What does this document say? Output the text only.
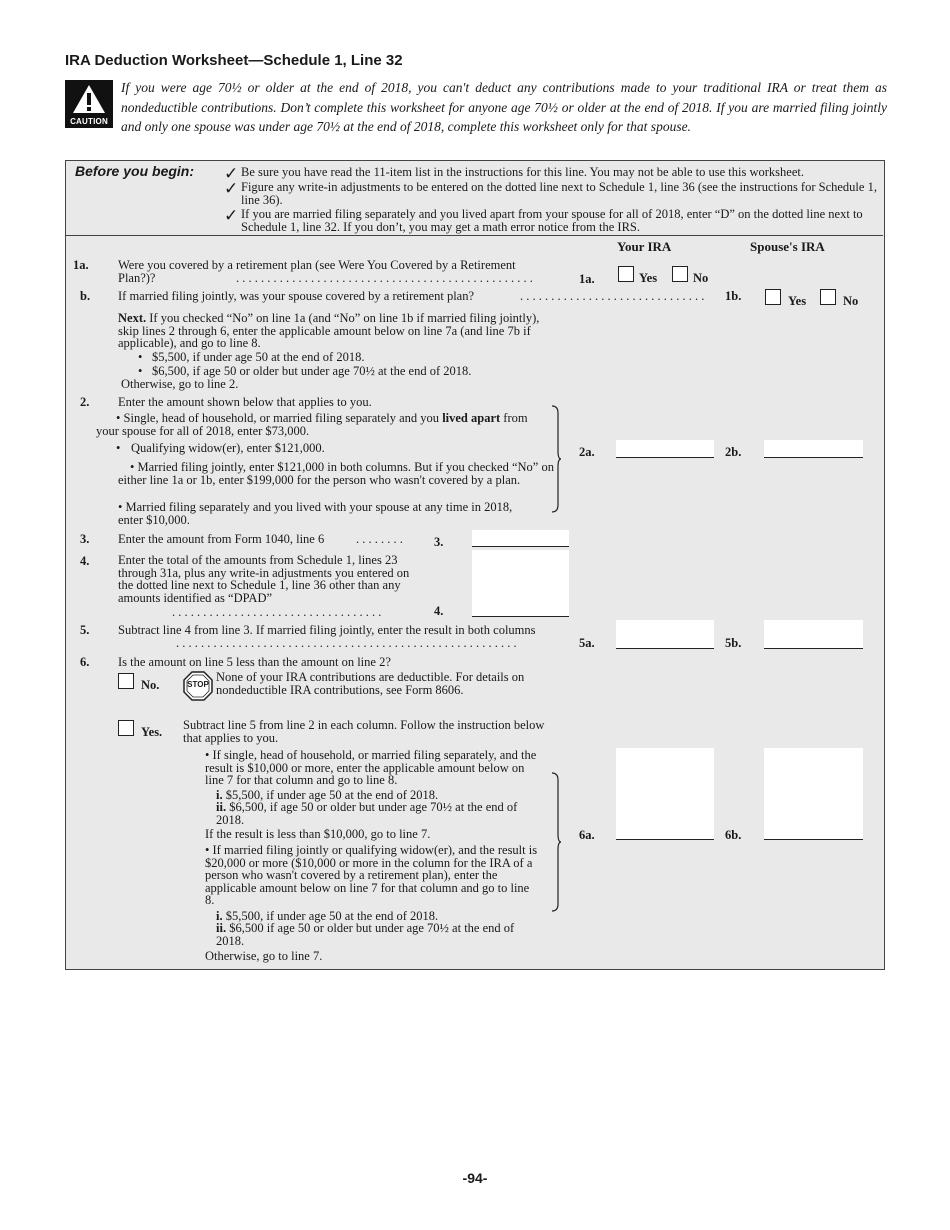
IRA Deduction Worksheet—Schedule 1, Line 32
If you were age 70½ or older at the end of 2018, you can't deduct any contributions made to your traditional IRA or treat them as nondeductible contributions. Don’t complete this worksheet for anyone age 70½ or older at the end of 2018. If you are married filing jointly and only one spouse was under age 70½ at the end of 2018, complete this worksheet only for that spouse.
CAUTION
Before you begin: ✓ Be sure you have read the 11-item list in the instructions for this line. You may not be able to use this worksheet.
✓ Figure any write-in adjustments to be entered on the dotted line next to Schedule 1, line 36 (see the instructions for Schedule 1, line 36).
✓ If you are married filing separately and you lived apart from your spouse for all of 2018, enter “D” on the dotted line next to Schedule 1, line 32. If you don’t, you may get a math error notice from the IRS.
Your IRA	Spouse's IRA
1a. Were you covered by a retirement plan (see Were You Covered by a Retirement Plan?)?	. . . . . . . . . . . . . . . . . . . . . . . . . . . . . . . . . . . . . . . . . . . . . . . .	1a.	Yes	No
b. If married filing jointly, was your spouse covered by a retirement plan?	. . . . . . . . . . . . . . . . . . . . . . . . . . . . . .	1b.	Yes	No
Next. If you checked “No” on line 1a (and “No” on line 1b if married filing jointly), skip lines 2 through 6, enter the applicable amount below on line 7a (and line 7b if applicable), and go to line 8.
• $5,500, if under age 50 at the end of 2018.
• $6,500, if age 50 or older but under age 70½ at the end of 2018.
Otherwise, go to line 2.
2. Enter the amount shown below that applies to you.
• Single, head of household, or married filing separately and you lived apart from your spouse for all of 2018, enter $73,000.
• Qualifying widow(er), enter $121,000.
• Married filing jointly, enter $121,000 in both columns. But if you checked “No” on either line 1a or 1b, enter $199,000 for the person who wasn't covered by a plan.
• Married filing separately and you lived with your spouse at any time in 2018, enter $10,000.
2a.	2b.
3. Enter the amount from Form 1040, line 6	. . . . . . . .	3.
4. Enter the total of the amounts from Schedule 1, lines 23 through 31a, plus any write-in adjustments you entered on the dotted line next to Schedule 1, line 36 other than any amounts identified as “DPAD”
. . . . . . . . . . . . . . . . . . . . . . . . . . . . . . . . . .	4.
5. Subtract line 4 from line 3. If married filing jointly, enter the result in both columns
. . . . . . . . . . . . . . . . . . . . . . . . . . . . . . . . . . . . . . . . . . . . . . . . . . . . . . .	5a.	5b.
6. Is the amount on line 5 less than the amount on line 2?
No.	STOP
None of your IRA contributions are deductible. For details on nondeductible IRA contributions, see Form 8606.
Yes. Subtract line 5 from line 2 in each column. Follow the instruction below that applies to you.
• If single, head of household, or married filing separately, and the result is $10,000 or more, enter the applicable amount below on line 7 for that column and go to line 8.
i. $5,500, if under age 50 at the end of 2018.
ii. $6,500, if age 50 or older but under age 70½ at the end of 2018.
If the result is less than $10,000, go to line 7.
• If married filing jointly or qualifying widow(er), and the result is $20,000 or more ($10,000 or more in the column for the IRA of a person who wasn't covered by a retirement plan), enter the applicable amount below on line 7 for that column and go to line 8.
i. $5,500, if under age 50 at the end of 2018.
ii. $6,500 if age 50 or older but under age 70½ at the end of 2018.
Otherwise, go to line 7.
6a.	6b.
-94-
